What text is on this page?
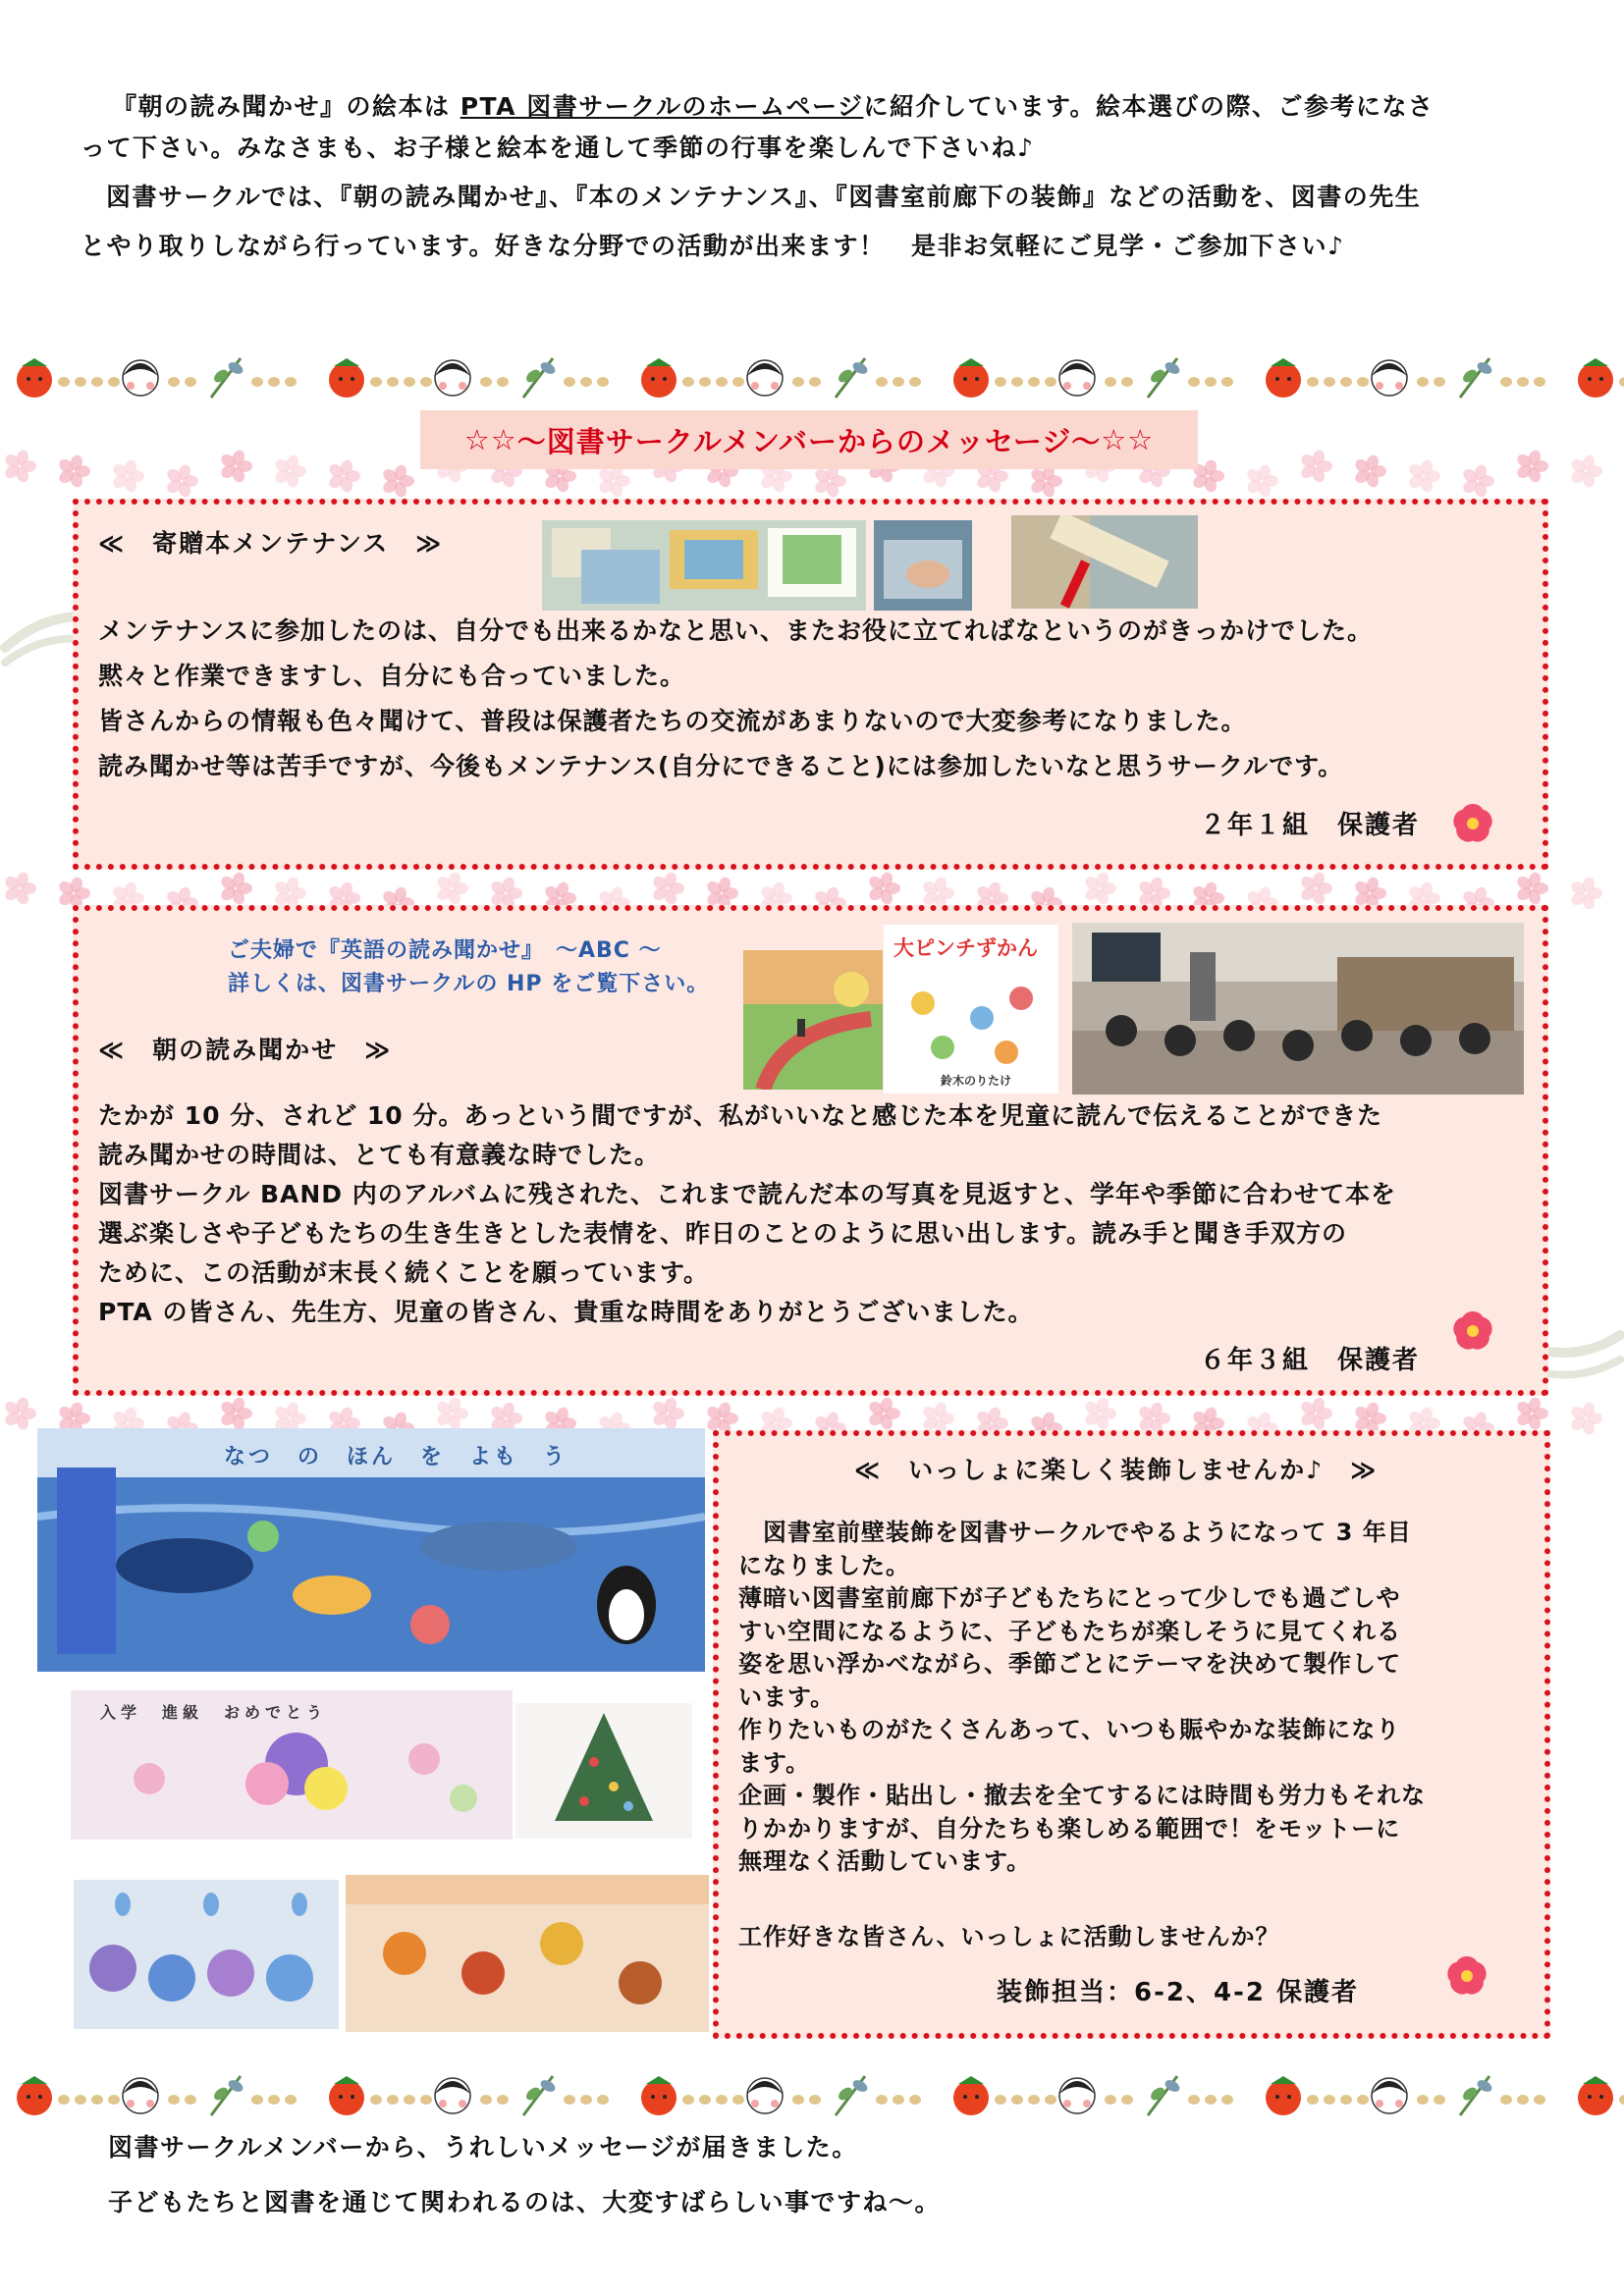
『朝の読み聞かせ』の絵本は PTA 図書サークルのホームページに紹介しています。絵本選びの際、ご参考になさ

って下さい。みなさまも、お子様と絵本を通して季節の行事を楽しんで下さいね♪

図書サークルでは、『朝の読み聞かせ』、『本のメンテナンス』、『図書室前廊下の装飾』などの活動を、図書の先生

とやり取りしながら行っています。好きな分野での活動が出来ます！　是非お気軽にご見学・ご参加下さい♪

☆☆ ～図書サークルメンバーからのメッセージ～ ☆☆
≪　寄贈本メンテナンス　≫

メンテナンスに参加したのは、自分でも出来るかなと思い、またお役に立てればなというのがきっかけでした。

黙々と作業できますし、自分にも合っていました。

皆さんからの情報も色々聞けて、普段は保護者たちの交流があまりないので大変参考になりました。

読み聞かせ等は苦手ですが、今後もメンテナンス(自分にできること)には参加したいなと思うサークルです。

２年１組　保護者
ご夫婦で『英語の読み聞かせ』　～ABC ～
詳しくは、図書サークルの HP をご覧下さい。
≪　朝の読み聞かせ　≫
大ピンチずかん
鈴木のりたけ

たかが 10 分、されど 10 分。あっという間ですが、私がいいなと感じた本を児童に読んで伝えることができた

読み聞かせの時間は、とても有意義な時でした。

図書サークル BAND 内のアルバムに残された、これまで読んだ本の写真を見返すと、学年や季節に合わせて本を

選ぶ楽しさや子どもたちの生き生きとした表情を、昨日のことのように思い出します。読み手と聞き手双方の

ために、この活動が末長く続くことを願っています。

PTA の皆さん、先生方、児童の皆さん、貴重な時間をありがとうございました。

６年３組　保護者
なつ　の　ほん　を　よも　う
入学　進級　おめでとう
≪　いっしょに楽しく装飾しませんか♪　≫

　図書室前壁装飾を図書サークルでやるようになって 3 年目

になりました。

薄暗い図書室前廊下が子どもたちにとって少しでも過ごしや

すい空間になるように、子どもたちが楽しそうに見てくれる

姿を思い浮かべながら、季節ごとにテーマを決めて製作して

います。

作りたいものがたくさんあって、いつも賑やかな装飾になり

ます。

企画・製作・貼出し・撤去を全てするには時間も労力もそれな

りかかりますが、自分たちも楽しめる範囲で！をモットーに

無理なく活動しています。

工作好きな皆さん、いっしょに活動しませんか？

装飾担当：6-2、4-2 保護者

図書サークルメンバーから、うれしいメッセージが届きました。

子どもたちと図書を通じて関われるのは、大変すばらしい事ですね～。
